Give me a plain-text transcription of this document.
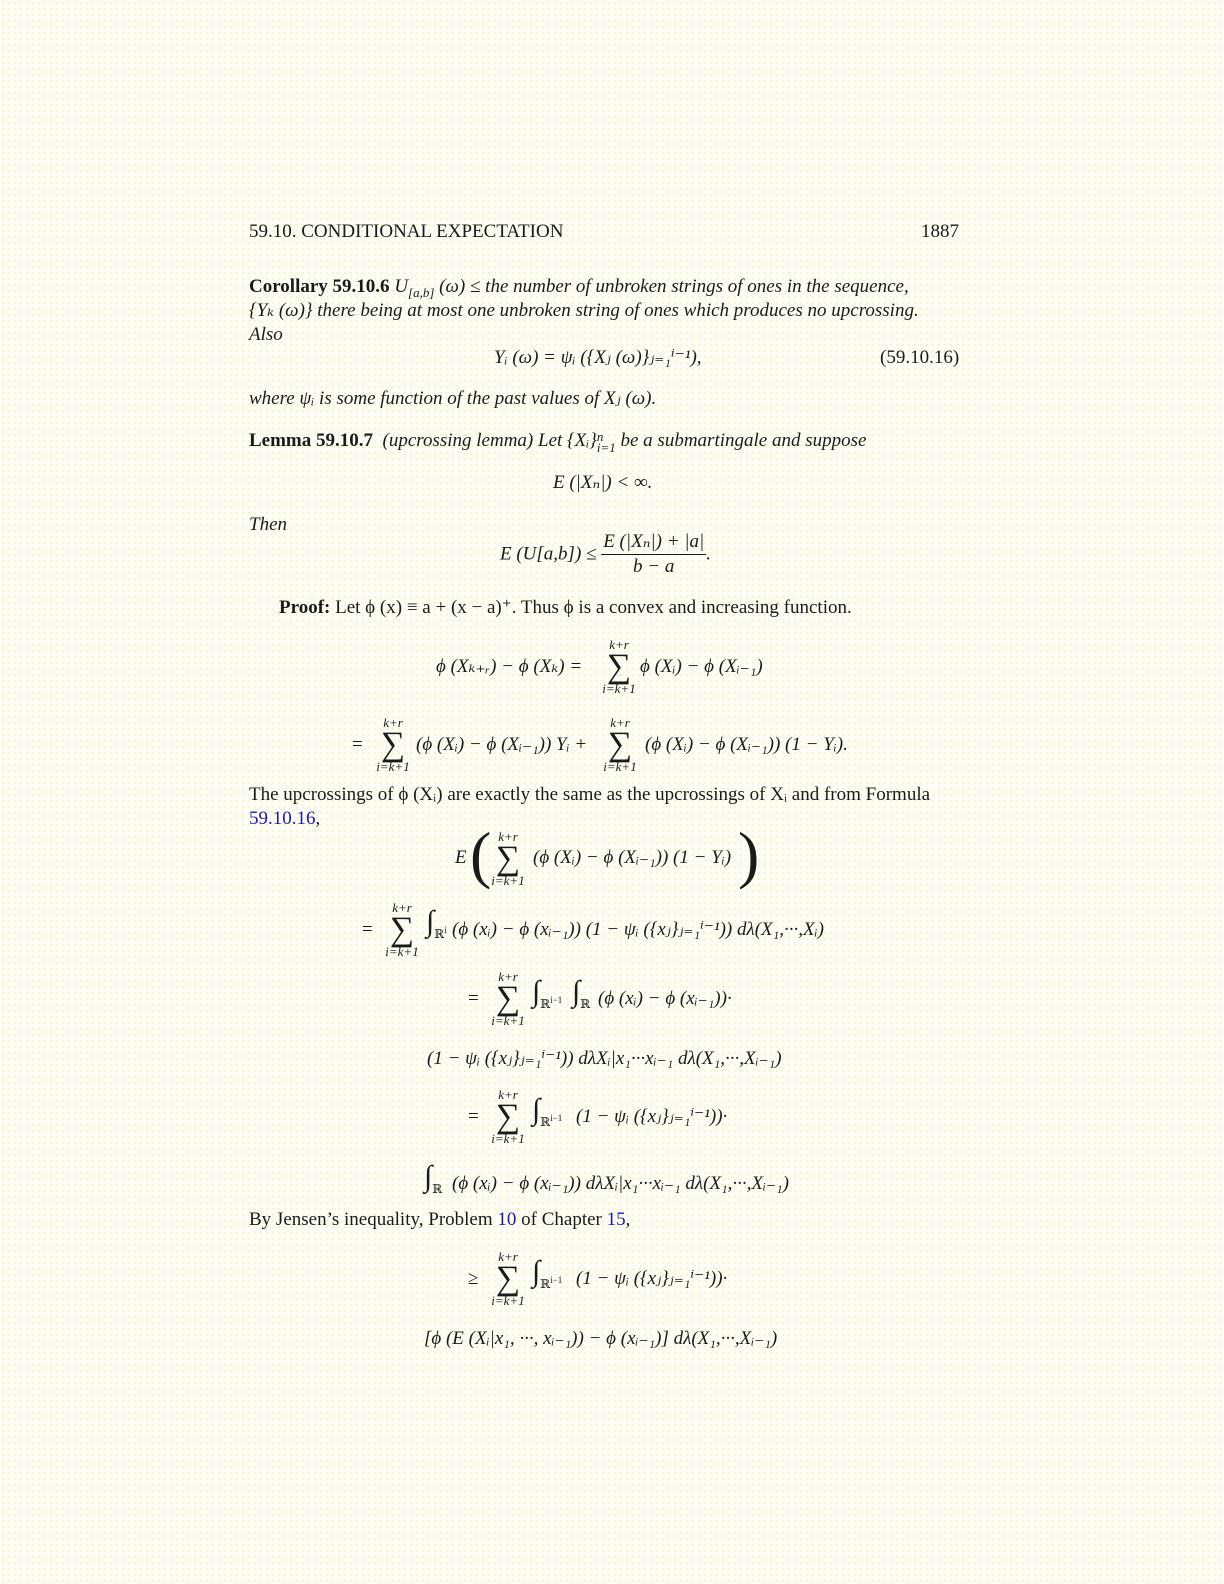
59.10. CONDITIONAL EXPECTATION	1887
Corollary 59.10.6 $U_{[a,b]}$ (ω) ≤ the number of unbroken strings of ones in the sequence,
{Yₖ (ω)} there being at most one unbroken string of ones which produces no upcrossing.
Also
Yᵢ (ω) = ψᵢ ({Xⱼ (ω)}ⱼ₌₁ⁱ⁻¹),	(59.10.16)
where ψᵢ is some function of the past values of Xⱼ (ω).
Lemma 59.10.7 (upcrossing lemma) Let {Xᵢ}n
i=1 be a submartingale and suppose
E (|Xₙ|) < ∞.
Then
E $(U[a,b]) \le \frac{\text{E (|Xₙ|) + |a|}}{b - a}$ .
Proof: Let ϕ (x) ≡ a + (x − a)⁺. Thus ϕ is a convex and increasing function.
ϕ (Xₖ₊ᵣ) − ϕ (Xₖ) =
k+r
∑
i=k+1
ϕ (Xᵢ) − ϕ (Xᵢ₋₁)
=
k+r
∑
i=k+1
(ϕ (Xᵢ) − ϕ (Xᵢ₋₁)) Yᵢ +
k+r
∑
i=k+1
(ϕ (Xᵢ) − ϕ (Xᵢ₋₁)) (1 − Yᵢ).
The upcrossings of ϕ (Xᵢ) are exactly the same as the upcrossings of Xᵢ and from Formula
59.10.16,
E ( k+r
∑
i=k+1
(ϕ (Xᵢ) − ϕ (Xᵢ₋₁)) (1 − Yᵢ) )
=
k+r
∑
i=k+1
$\int_{ℝ^i}$ (ϕ (xᵢ) − ϕ (xᵢ₋₁)) (1 − ψᵢ ({xⱼ}ⱼ₌₁ⁱ⁻¹)) dλ(X₁,···,Xᵢ)
=
k+r
∑
i=k+1
$\int_{ℝ^{i-1}}$ $\int_ℝ$ (ϕ (xᵢ) − ϕ (xᵢ₋₁))·
(1 − ψᵢ ({xⱼ}ⱼ₌₁ⁱ⁻¹)) dλXᵢ|x₁···xᵢ₋₁ dλ(X₁,···,Xᵢ₋₁)
=
k+r
∑
i=k+1
$\int_{ℝ^{i-1}}$ (1 − ψᵢ ({xⱼ}ⱼ₌₁ⁱ⁻¹))·
$\int_ℝ$ (ϕ (xᵢ) − ϕ (xᵢ₋₁)) dλXᵢ|x₁···xᵢ₋₁ dλ(X₁,···,Xᵢ₋₁)
By Jensen’s inequality, Problem 10 of Chapter 15,
≥
k+r
∑
i=k+1
$\int_{ℝ^{i-1}}$ (1 − ψᵢ ({xⱼ}ⱼ₌₁ⁱ⁻¹))·
[ϕ (E (Xᵢ|x₁, ···, xᵢ₋₁)) − ϕ (xᵢ₋₁)] dλ(X₁,···,Xᵢ₋₁)
